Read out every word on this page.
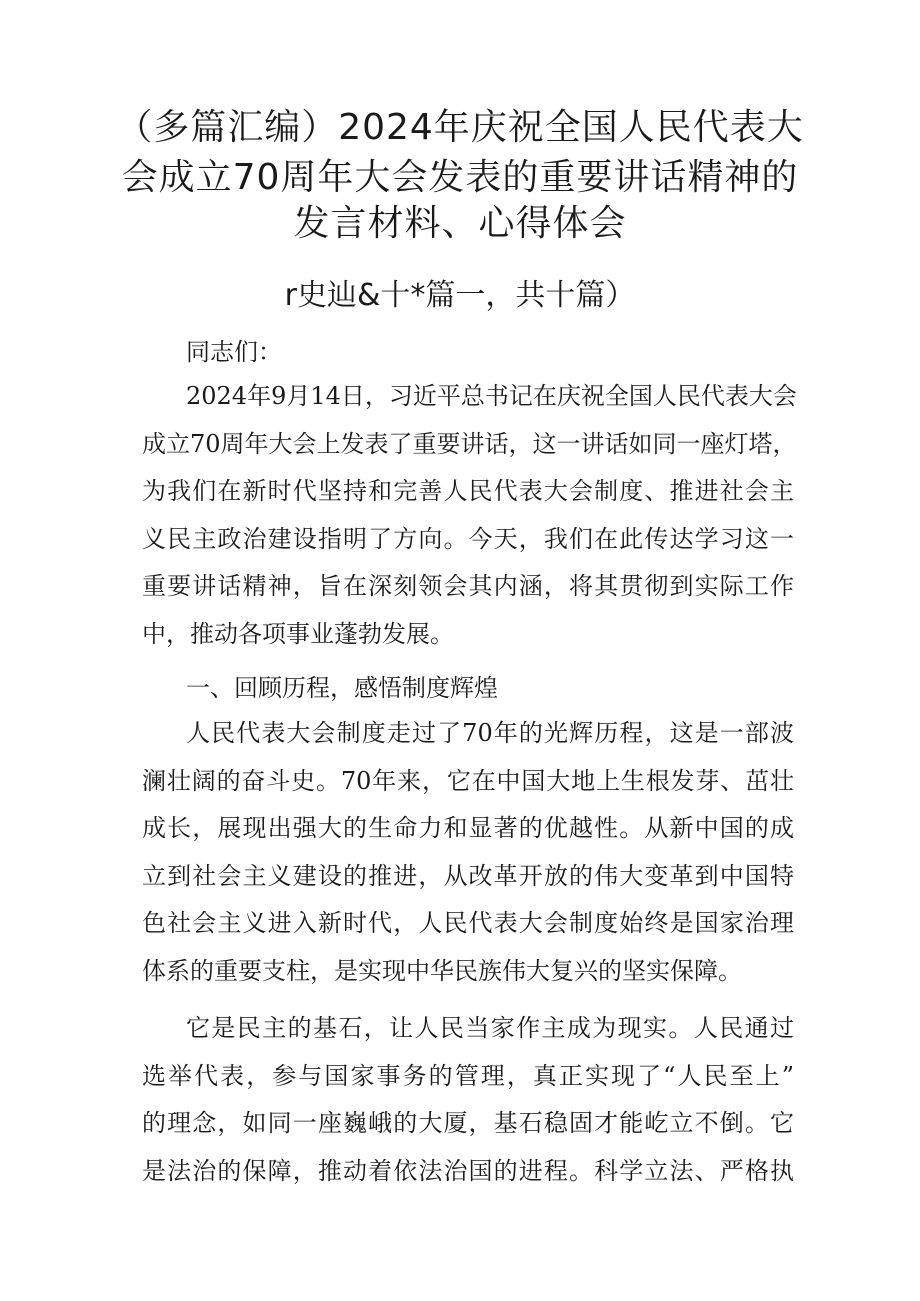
（多篇汇编）2024年庆祝全国人民代表大
会成立70周年大会发表的重要讲话精神的
发言材料、心得体会
r史辿&十*篇一，共十篇）

同志们：

2024年9月14日，习近平总书记在庆祝全国人民代表大会
成立70周年大会上发表了重要讲话，这一讲话如同一座灯塔，
为我们在新时代坚持和完善人民代表大会制度、推进社会主
义民主政治建设指明了方向。今天，我们在此传达学习这一
重要讲话精神，旨在深刻领会其内涵，将其贯彻到实际工作
中，推动各项事业蓬勃发展。
一、回顾历程，感悟制度辉煌
人民代表大会制度走过了70年的光辉历程，这是一部波
澜壮阔的奋斗史。70年来，它在中国大地上生根发芽、茁壮
成长，展现出强大的生命力和显著的优越性。从新中国的成
立到社会主义建设的推进，从改革开放的伟大变革到中国特
色社会主义进入新时代，人民代表大会制度始终是国家治理
体系的重要支柱，是实现中华民族伟大复兴的坚实保障。
它是民主的基石，让人民当家作主成为现实。人民通过
选举代表，参与国家事务的管理，真正实现了“人民至上”
的理念，如同一座巍峨的大厦，基石稳固才能屹立不倒。它
是法治的保障，推动着依法治国的进程。科学立法、严格执
